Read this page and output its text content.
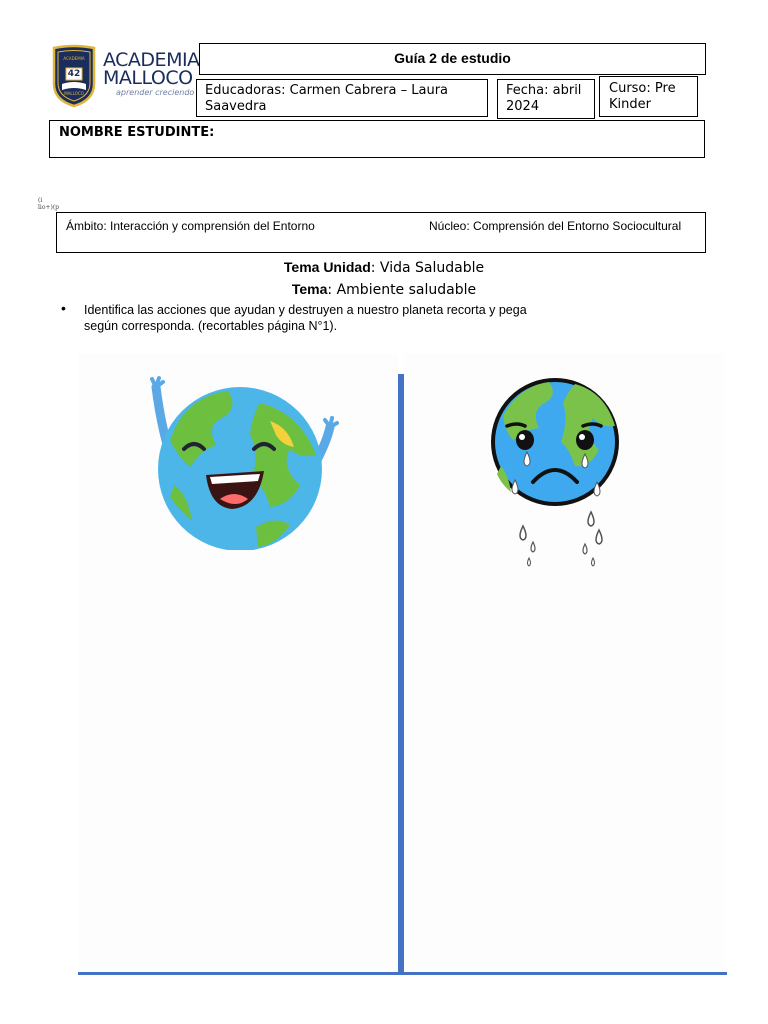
ACADEMIA
42
MALLOCO
ACADEMIA
MALLOCO
aprender creciendo
Guía 2 de estudio
Educadoras: Carmen Cabrera – Laura Saavedra
Fecha: abril 2024
Curso: Pre Kinder
NOMBRE ESTUDINTE:
(i
lio+)(p
Ámbito: Interacción y comprensión del Entorno	Núcleo: Comprensión del Entorno Sociocultural
Tema Unidad: Vida Saludable
Tema: Ambiente saludable
• Identifica las acciones que ayudan y destruyen a nuestro planeta recorta y pega según corresponda. (recortables página N°1).
